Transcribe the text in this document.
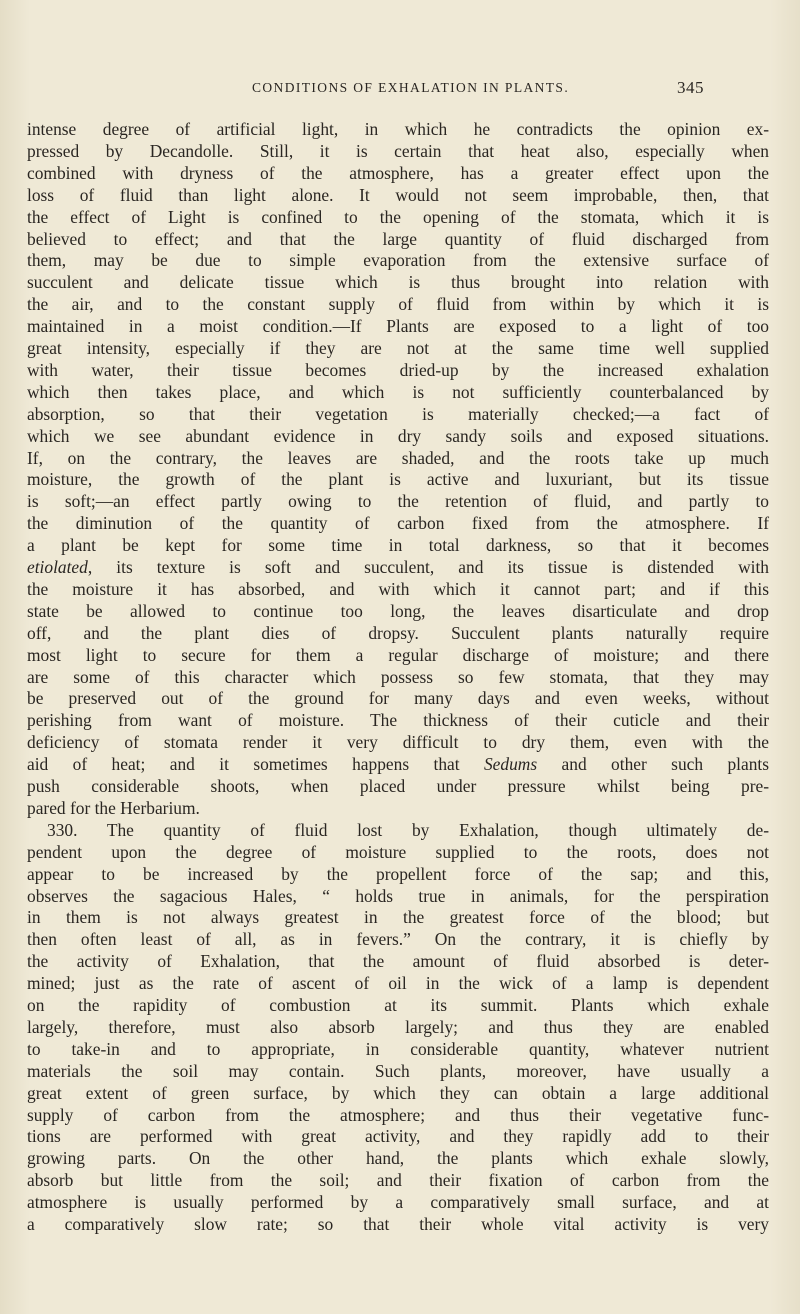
CONDITIONS OF EXHALATION IN PLANTS.	345
intense degree of artificial light, in which he contradicts the opinion ex-
pressed by Decandolle. Still, it is certain that heat also, especially when
combined with dryness of the atmosphere, has a greater effect upon the
loss of fluid than light alone. It would not seem improbable, then, that
the effect of Light is confined to the opening of the stomata, which it is
believed to effect; and that the large quantity of fluid discharged from
them, may be due to simple evaporation from the extensive surface of
succulent and delicate tissue which is thus brought into relation with
the air, and to the constant supply of fluid from within by which it is
maintained in a moist condition.—If Plants are exposed to a light of too
great intensity, especially if they are not at the same time well supplied
with water, their tissue becomes dried-up by the increased exhalation
which then takes place, and which is not sufficiently counterbalanced by
absorption, so that their vegetation is materially checked;—a fact of
which we see abundant evidence in dry sandy soils and exposed situations.
If, on the contrary, the leaves are shaded, and the roots take up much
moisture, the growth of the plant is active and luxuriant, but its tissue
is soft;—an effect partly owing to the retention of fluid, and partly to
the diminution of the quantity of carbon fixed from the atmosphere. If
a plant be kept for some time in total darkness, so that it becomes
etiolated, its texture is soft and succulent, and its tissue is distended with
the moisture it has absorbed, and with which it cannot part; and if this
state be allowed to continue too long, the leaves disarticulate and drop
off, and the plant dies of dropsy. Succulent plants naturally require
most light to secure for them a regular discharge of moisture; and there
are some of this character which possess so few stomata, that they may
be preserved out of the ground for many days and even weeks, without
perishing from want of moisture. The thickness of their cuticle and their
deficiency of stomata render it very difficult to dry them, even with the
aid of heat; and it sometimes happens that Sedums and other such plants
push considerable shoots, when placed under pressure whilst being pre-
pared for the Herbarium.
330. The quantity of fluid lost by Exhalation, though ultimately de-
pendent upon the degree of moisture supplied to the roots, does not
appear to be increased by the propellent force of the sap; and this,
observes the sagacious Hales, “ holds true in animals, for the perspiration
in them is not always greatest in the greatest force of the blood; but
then often least of all, as in fevers.” On the contrary, it is chiefly by
the activity of Exhalation, that the amount of fluid absorbed is deter-
mined; just as the rate of ascent of oil in the wick of a lamp is dependent
on the rapidity of combustion at its summit. Plants which exhale
largely, therefore, must also absorb largely; and thus they are enabled
to take-in and to appropriate, in considerable quantity, whatever nutrient
materials the soil may contain. Such plants, moreover, have usually a
great extent of green surface, by which they can obtain a large additional
supply of carbon from the atmosphere; and thus their vegetative func-
tions are performed with great activity, and they rapidly add to their
growing parts. On the other hand, the plants which exhale slowly,
absorb but little from the soil; and their fixation of carbon from the
atmosphere is usually performed by a comparatively small surface, and at
a comparatively slow rate; so that their whole vital activity is very
